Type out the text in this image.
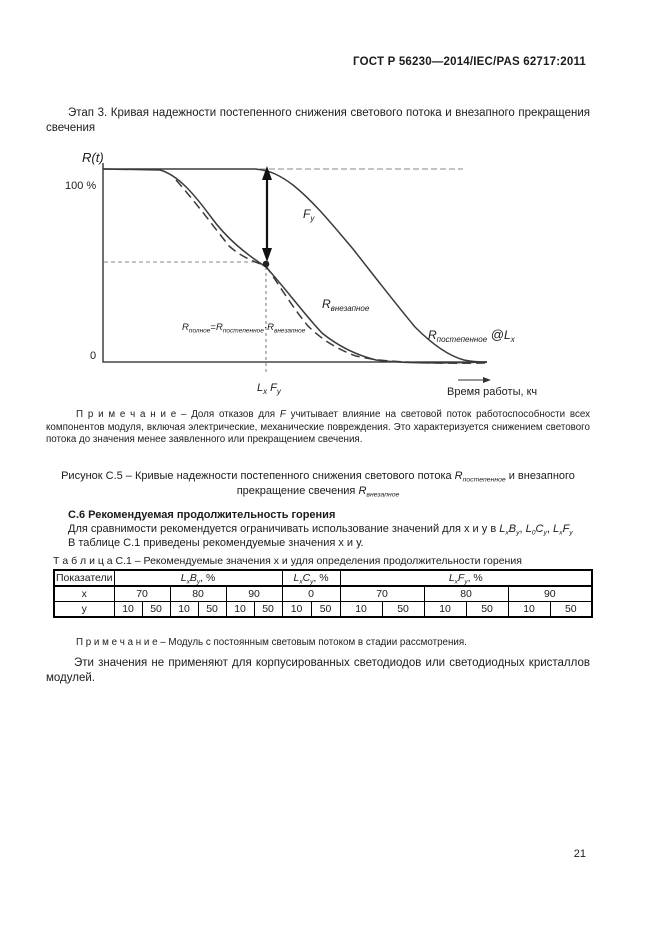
ГОСТ Р 56230—2014/IEC/PAS 62717:2011
Этап 3. Кривая надежности постепенного снижения светового потока и внезапного прекращения свечения
R(t)
100 %
0
$F_y$
$R_{полное}=R_{постепенное}\cdot R_{внезапное}$
$R_{внезапное}$
$R_{постепенное}$ $@L_x$
$L_x$ $F_y$	Время работы, кч
П р и м е ч а н и е – Доля отказов для F учитывает влияние на световой поток работоспособности всех компонентов модуля, включая электрические, механические повреждения. Это характеризуется снижением светового потока до значения менее заявленного или прекращением свечения.
Рисунок С.5 – Кривые надежности постепенного снижения светового потока $R_{постепенное}$ и внезапного
прекращение свечения $R_{внезапное}$
С.6 Рекомендуемая продолжительность горения
Для сравнимости рекомендуется ограничивать использование значений для х и у в $L_xB_y$, $L_0C_y$, $L_xF_y$
В таблице С.1 приведены рекомендуемые значения х и у.
Т а б л и ц а С.1 – Рекомендуемые значения х и удля определения продолжительности горения
Показатели	$L_xB_y$, %						$L_xC_y$, %		$L_xF_y$, %					
х	70		80		90		0		70		80		90	
у	10	50	10	50	10	50	10	50	10	50	10	50	10	50
П р и м е ч а н и е – Модуль с постоянным световым потоком в стадии рассмотрения.
Эти значения не применяют для корпусированных светодиодов или светодиодных кристаллов модулей.
21
